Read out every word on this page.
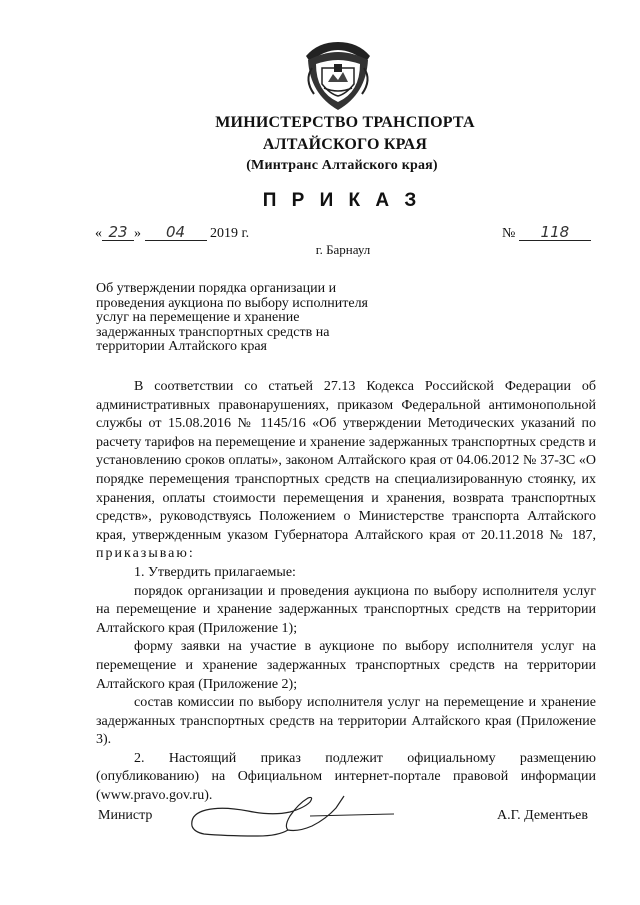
МИНИСТЕРСТВО ТРАНСПОРТА
АЛТАЙСКОГО КРАЯ
(Минтранс Алтайского края)
П Р И К А З
« 23 » 04 2019 г.	№ 118
г. Барнаул
Об утверждении порядка организации и проведения аукциона по выбору исполнителя услуг на перемещение и хранение задержанных транспортных средств на территории Алтайского края

В соответствии со статьей 27.13 Кодекса Российской Федерации об административных правонарушениях, приказом Федеральной антимонопольной службы от 15.08.2016 № 1145/16 «Об утверждении Методических указаний по расчету тарифов на перемещение и хранение задержанных транспортных средств и установлению сроков оплаты», законом Алтайского края от 04.06.2012 № 37-ЗС «О порядке перемещения транспортных средств на специализированную стоянку, их хранения, оплаты стоимости перемещения и хранения, возврата транспортных средств», руководствуясь Положением о Министерстве транспорта Алтайского края, утвержденным указом Губернатора Алтайского края от 20.11.2018 № 187, приказываю:

1. Утвердить прилагаемые:

порядок организации и проведения аукциона по выбору исполнителя услуг на перемещение и хранение задержанных транспортных средств на территории Алтайского края (Приложение 1);

форму заявки на участие в аукционе по выбору исполнителя услуг на перемещение и хранение задержанных транспортных средств на территории Алтайского края (Приложение 2);

состав комиссии по выбору исполнителя услуг на перемещение и хранение задержанных транспортных средств на территории Алтайского края (Приложение 3).

2. Настоящий приказ подлежит официальному размещению (опубликованию) на Официальном интернет-портале правовой информации (www.pravo.gov.ru).

Министр	А.Г. Дементьев
